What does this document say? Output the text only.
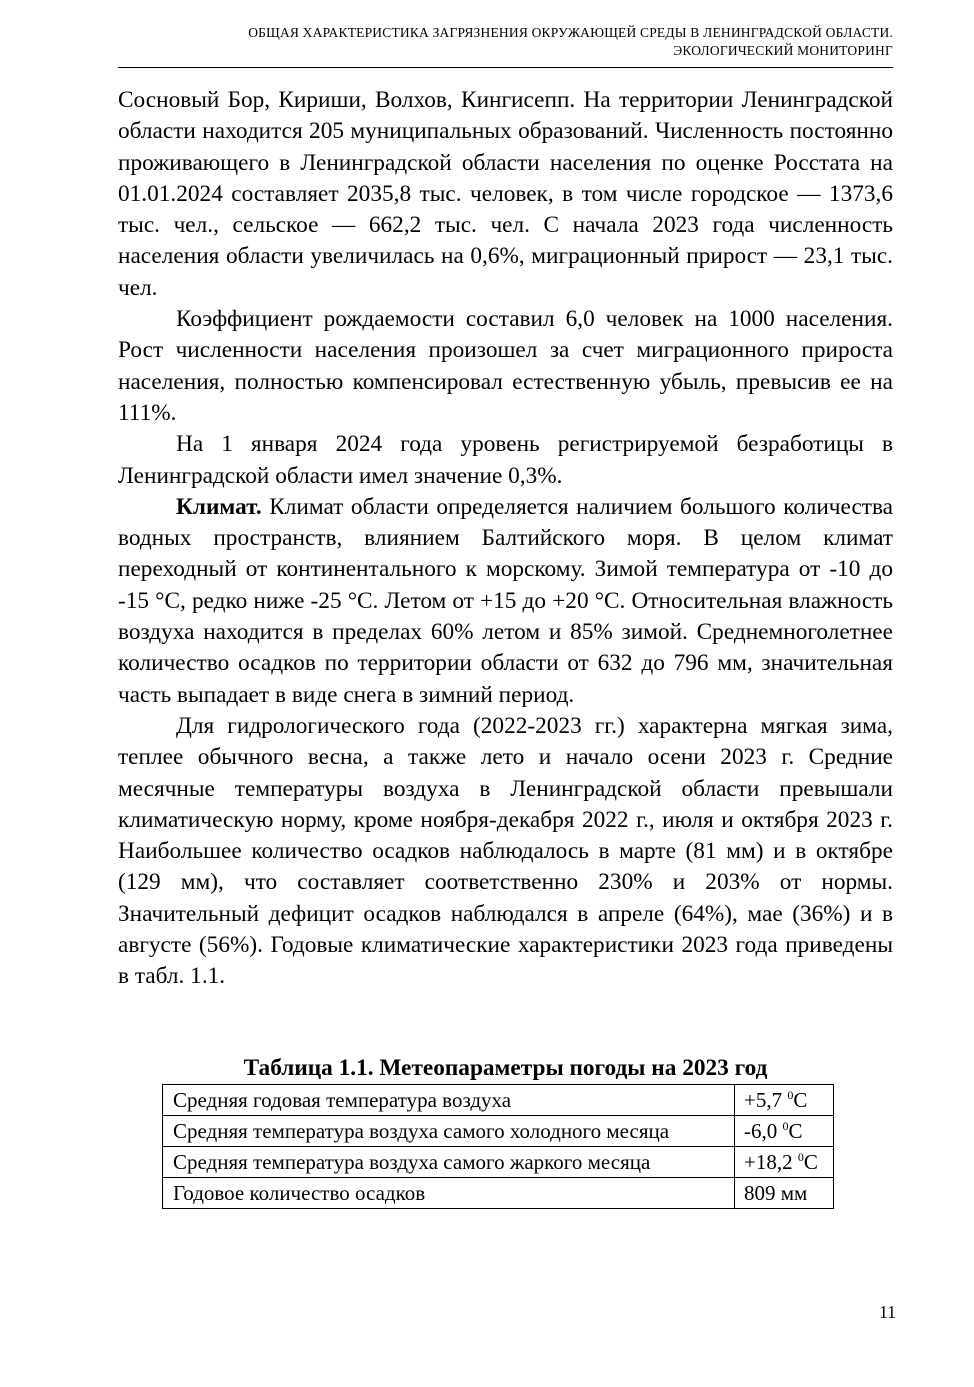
ОБЩАЯ ХАРАКТЕРИСТИКА ЗАГРЯЗНЕНИЯ ОКРУЖАЮЩЕЙ СРЕДЫ В ЛЕНИНГРАДСКОЙ ОБЛАСТИ.
ЭКОЛОГИЧЕСКИЙ МОНИТОРИНГ

Сосновый Бор, Кириши, Волхов, Кингисепп. На территории Ленинградской области находится 205 муниципальных образований. Численность постоянно проживающего в Ленинградской области населения по оценке Росстата на 01.01.2024 составляет 2035,8 тыс. человек, в том числе городское — 1373,6 тыс. чел., сельское — 662,2 тыс. чел. С начала 2023 года численность населения области увеличилась на 0,6%, миграционный прирост — 23,1 тыс. чел.

Коэффициент рождаемости составил 6,0 человек на 1000 населения. Рост численности населения произошел за счет миграционного прироста населения, полностью компенсировал естественную убыль, превысив ее на 111%.

На 1 января 2024 года уровень регистрируемой безработицы в Ленинградской области имел значение 0,3%.

Климат. Климат области определяется наличием большого количества водных пространств, влиянием Балтийского моря. В целом климат переходный от континентального к морскому. Зимой температура от -10 до -15 °С, редко ниже -25 °С. Летом от +15 до +20 °С. Относительная влажность воздуха находится в пределах 60% летом и 85% зимой. Среднемноголетнее количество осадков по территории области от 632 до 796 мм, значительная часть выпадает в виде снега в зимний период.

Для гидрологического года (2022-2023 гг.) характерна мягкая зима, теплее обычного весна, а также лето и начало осени 2023 г. Средние месячные температуры воздуха в Ленинградской области превышали климатическую норму, кроме ноября-декабря 2022 г., июля и октября 2023 г. Наибольшее количество осадков наблюдалось в марте (81 мм) и в октябре (129 мм), что составляет соответственно 230% и 203% от нормы. Значительный дефицит осадков наблюдался в апреле (64%), мае (36%) и в августе (56%). Годовые климатические характеристики 2023 года приведены в табл. 1.1.

Таблица 1.1. Метеопараметры погоды на 2023 год
Средняя годовая температура воздуха	+5,7 $^0$С
Средняя температура воздуха самого холодного месяца	-6,0 $^0$С
Средняя температура воздуха самого жаркого месяца	+18,2 $^0$С
Годовое количество осадков	809 мм
11
